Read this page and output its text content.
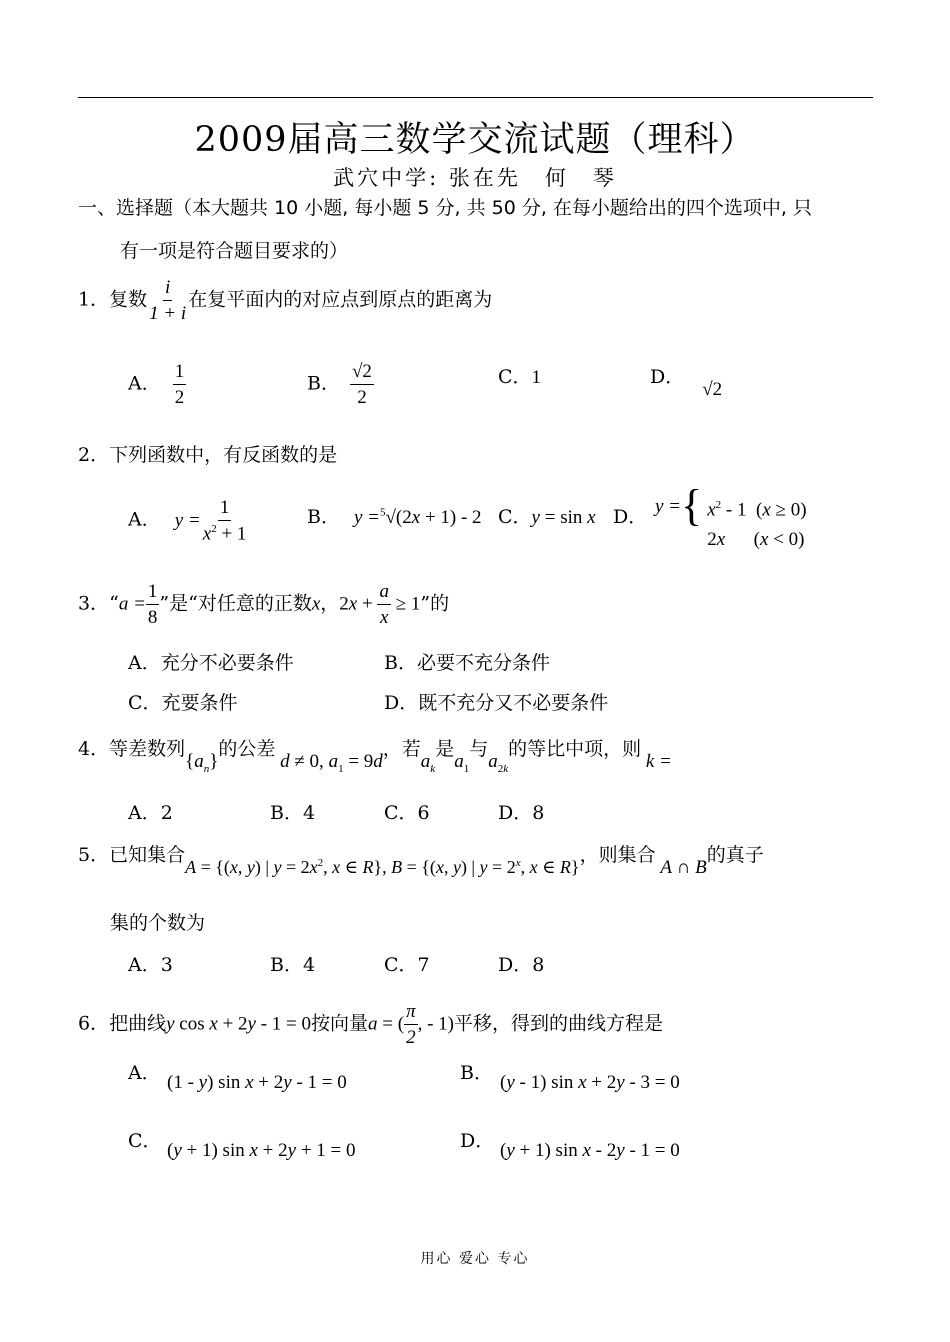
2009届高三数学交流试题（理科）
武穴中学: 张在先　何　琴
一、选择题（本大题共 10 小题, 每小题 5 分, 共 50 分, 在每小题给出的四个选项中, 只
有一项是符合题目要求的）
1．复数 $\frac{i}{1 + i}$ 在复平面内的对应点到原点的距离为
A． $\frac{1}{2}$	B． $\frac{√2}{2}$	C．1	D．√2
2．下列函数中，有反函数的是
A． $y = \frac{1}{x^2 + 1}$	B． y =$^5$√(2x + 1) - 2 C．y = sin x D． y ={ $x^2 - 1$  (x ≥ 0)
2x      (x < 0)
3．“$a = \frac{1}{8}$ ”是“对任意的正数x，$2x + \frac{a}{x} \ge 1$”的
A．充分不必要条件	B．必要不充分条件
C．充要条件	D．既不充分又不必要条件
4．等差数列$\{a_n\}$的公差 d ≠ 0, $a_1 = 9d$，若$a_k$是$a_1$与$a_{2k}$的等比中项，则 k =
A．2	B．4	C．6	D．8
5．已知集合A = {(x, y) | $y = 2x^2$, x ∈ R}, B = {(x, y) | $y = 2^x$, x ∈ R}，则集合 A ∩ B的真子
集的个数为
A．3	B．4	C．7	D．8
6．把曲线y cos x + 2y - 1 = 0按向量a = ( $\frac{\pi}{2}$ , - 1)平移，得到的曲线方程是
A． (1 - y) sin x + 2y - 1 = 0	B． (y - 1) sin x + 2y - 3 = 0
C． (y + 1) sin x + 2y + 1 = 0	D． (y + 1) sin x - 2y - 1 = 0
用心 爱心 专心
